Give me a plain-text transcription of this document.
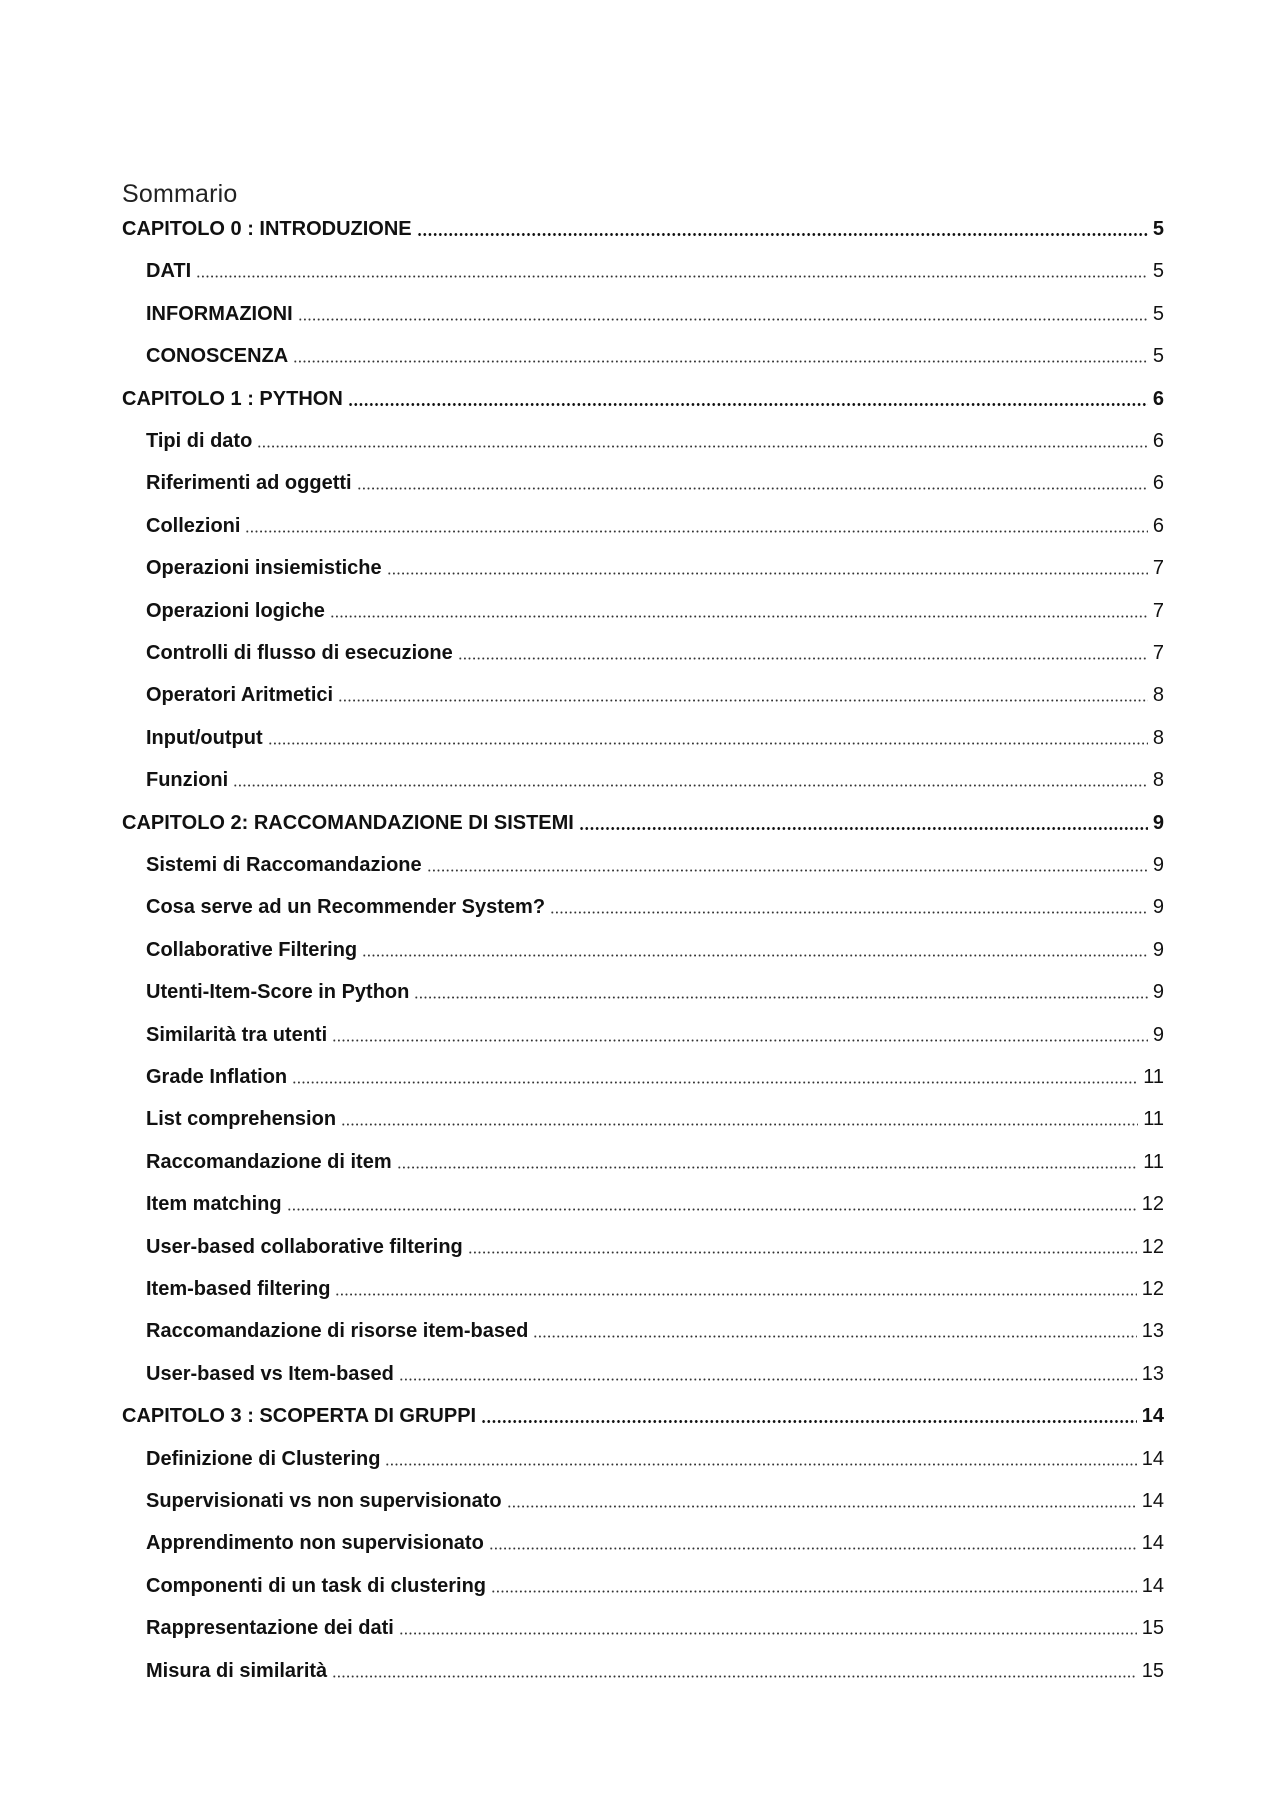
Sommario
CAPITOLO 0 : INTRODUZIONE	5
DATI	5
INFORMAZIONI	5
CONOSCENZA	5
CAPITOLO 1 : PYTHON	6
Tipi di dato	6
Riferimenti ad oggetti	6
Collezioni	6
Operazioni insiemistiche	7
Operazioni logiche	7
Controlli di flusso di esecuzione	7
Operatori Aritmetici	8
Input/output	8
Funzioni	8
CAPITOLO 2: RACCOMANDAZIONE DI SISTEMI	9
Sistemi di Raccomandazione	9
Cosa serve ad un Recommender System?	9
Collaborative Filtering	9
Utenti-Item-Score in Python	9
Similarità tra utenti	9
Grade Inflation	11
List comprehension	11
Raccomandazione di item	11
Item matching	12
User-based collaborative filtering	12
Item-based filtering	12
Raccomandazione di risorse item-based	13
User-based vs Item-based	13
CAPITOLO 3 : SCOPERTA DI GRUPPI	14
Definizione di Clustering	14
Supervisionati vs non supervisionato	14
Apprendimento non supervisionato	14
Componenti di un task di clustering	14
Rappresentazione dei dati	15
Misura di similarità	15
